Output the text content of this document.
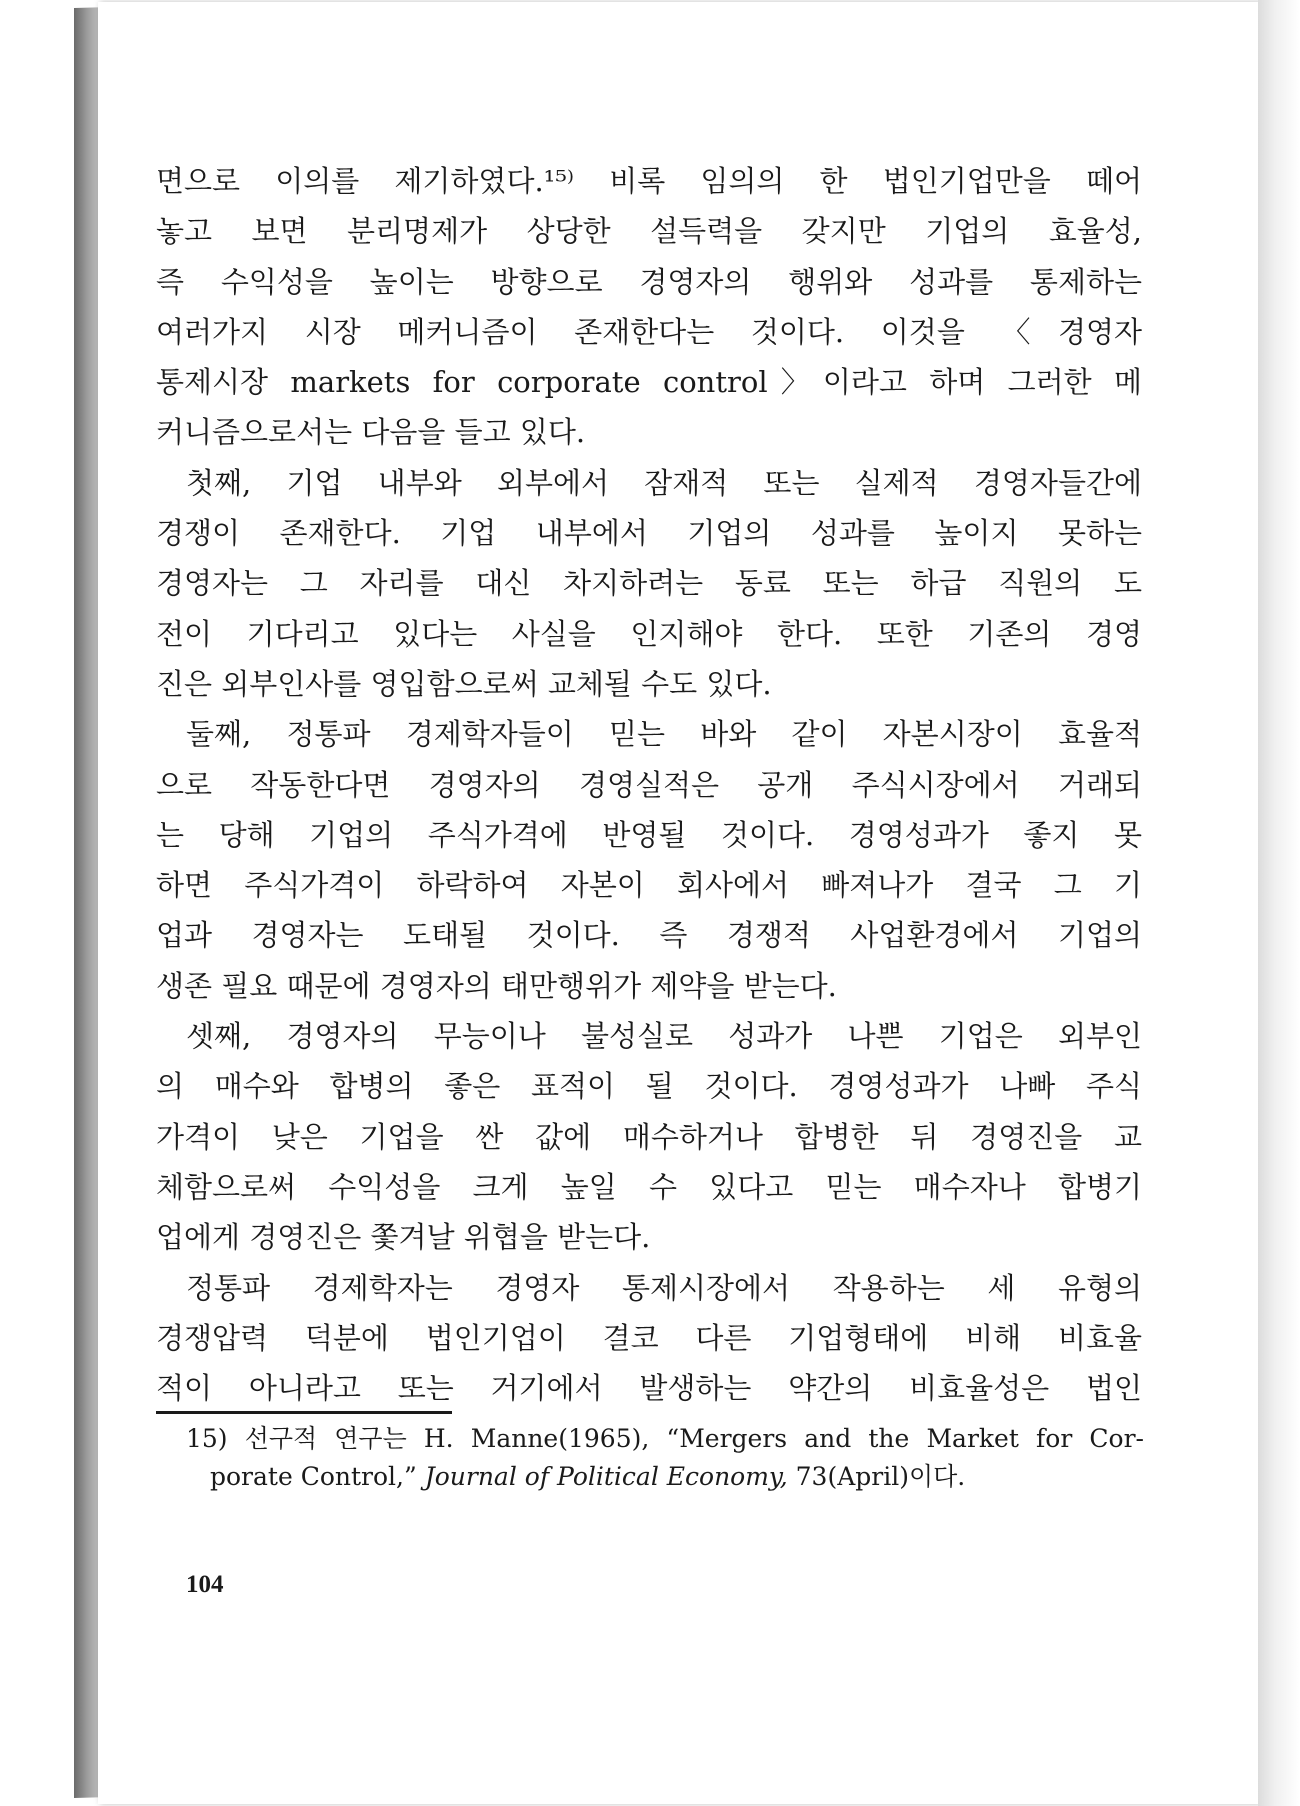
면으로 이의를 제기하였다.¹⁵⁾ 비록 임의의 한 법인기업만을 떼어
놓고 보면 분리명제가 상당한 설득력을 갖지만 기업의 효율성,
즉 수익성을 높이는 방향으로 경영자의 행위와 성과를 통제하는
여러가지 시장 메커니즘이 존재한다는 것이다. 이것을 〈경영자
통제시장 markets for corporate control〉이라고 하며 그러한 메
커니즘으로서는 다음을 들고 있다.
첫째, 기업 내부와 외부에서 잠재적 또는 실제적 경영자들간에
경쟁이 존재한다. 기업 내부에서 기업의 성과를 높이지 못하는
경영자는 그 자리를 대신 차지하려는 동료 또는 하급 직원의 도
전이 기다리고 있다는 사실을 인지해야 한다. 또한 기존의 경영
진은 외부인사를 영입함으로써 교체될 수도 있다.
둘째, 정통파 경제학자들이 믿는 바와 같이 자본시장이 효율적
으로 작동한다면 경영자의 경영실적은 공개 주식시장에서 거래되
는 당해 기업의 주식가격에 반영될 것이다. 경영성과가 좋지 못
하면 주식가격이 하락하여 자본이 회사에서 빠져나가 결국 그 기
업과 경영자는 도태될 것이다. 즉 경쟁적 사업환경에서 기업의
생존 필요 때문에 경영자의 태만행위가 제약을 받는다.
셋째, 경영자의 무능이나 불성실로 성과가 나쁜 기업은 외부인
의 매수와 합병의 좋은 표적이 될 것이다. 경영성과가 나빠 주식
가격이 낮은 기업을 싼 값에 매수하거나 합병한 뒤 경영진을 교
체함으로써 수익성을 크게 높일 수 있다고 믿는 매수자나 합병기
업에게 경영진은 쫓겨날 위협을 받는다.
정통파 경제학자는 경영자 통제시장에서 작용하는 세 유형의
경쟁압력 덕분에 법인기업이 결코 다른 기업형태에 비해 비효율
적이 아니라고 또는 거기에서 발생하는 약간의 비효율성은 법인
15) 선구적 연구는 H. Manne(1965), “Mergers and the Market for Cor-
porate Control,” Journal of Political Economy, 73(April)이다.
104
